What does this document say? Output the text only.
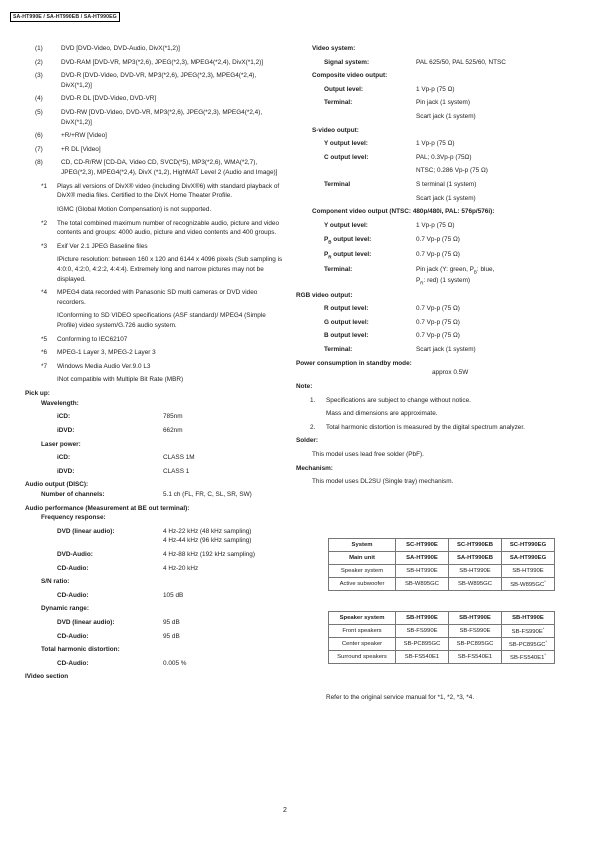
SA-HT990E / SA-HT990EB / SA-HT990EG
(1)	DVD [DVD-Video, DVD-Audio, DivX(*1,2)]
(2)	DVD-RAM [DVD-VR, MP3(*2,6), JPEG(*2,3), MPEG4(*2,4), DivX(*1,2)]
(3)	DVD-R [DVD-Video, DVD-VR, MP3(*2,6), JPEG(*2,3), MPEG4(*2,4), DivX(*1,2)]
(4)	DVD-R DL [DVD-Video, DVD-VR]
(5)	DVD-RW [DVD-Video, DVD-VR, MP3(*2,6), JPEG(*2,3), MPEG4(*2,4), DivX(*1,2)]
(6)	+R/+RW [Video]
(7)	+R DL [Video]
(8)	CD, CD-R/RW [CD-DA, Video CD, SVCD(*5), MP3(*2,6), WMA(*2,7), JPEG(*2,3), MPEG4(*2,4), DivX (*1,2), HighMAT Level 2 (Audio and Image)]
*1 Plays all versions of DivX® video (including DivX®6) with standard playback of DivX® media files. Certified to the DivX Home Theater Profile.
IGMC (Global Motion Compensation) is not supported.
*2 The total combined maximum number of recognizable audio, picture and video contents and groups: 4000 audio, picture and video contents and 400 groups.
*3 Exif Ver 2.1 JPEG Baseline files
IPicture resolution: between 160 x 120 and 6144 x 4096 pixels (Sub sampling is 4:0:0, 4:2:0, 4:2:2, 4:4:4). Extremely long and narrow pictures may not be displayed.
*4 MPEG4 data recorded with Panasonic SD multi cameras or DVD video recorders.
IConforming to SD VIDEO specifications (ASF standard)/ MPEG4 (Simple Profile) video system/G.726 audio system.
*5 Conforming to IEC62107
*6 MPEG-1 Layer 3, MPEG-2 Layer 3
*7 Windows Media Audio Ver.9.0 L3
INot compatible with Multiple Bit Rate (MBR)
Pick up:
Wavelength:
iCD:	785nm
iDVD:	662nm
Laser power:
iCD:	CLASS 1M
iDVD:	CLASS 1
Audio output (DISC):
Number of channels:	5.1 ch (FL, FR, C, SL, SR, SW)
Audio performance (Measurement at BE out terminal):
Frequency response:
DVD (linear audio):	4 Hz-22 kHz (48 kHz sampling)
4 Hz-44 kHz (96 kHz sampling)
DVD-Audio:	4 Hz-88 kHz (192 kHz sampling)
CD-Audio:	4 Hz-20 kHz
S/N ratio:
CD-Audio:	105 dB
Dynamic range:
DVD (linear audio):	95 dB
CD-Audio:	95 dB
Total harmonic distortion:
CD-Audio:	0.005 %
IVideo section
Video system:
Signal system:	PAL 625/50, PAL 525/60, NTSC
Composite video output:
Output level:	1 Vp-p (75 Ω)
Terminal:	Pin jack (1 system)
Scart jack (1 system)
S-video output:
Y output level:	1 Vp-p (75 Ω)
C output level:	PAL; 0.3Vp-p (75Ω)
NTSC; 0.286 Vp-p (75 Ω)
Terminal	S terminal (1 system)
Scart jack (1 system)
Component video output (NTSC: 480p/480i, PAL: 576p/576i):
Y output level:	1 Vp-p (75 Ω)
$P_B$ output level:	0.7 Vp-p (75 Ω)
$P_R$ output level:	0.7 Vp-p (75 Ω)
Terminal:	Pin jack (Y: green, $P_B$: blue,
$P_R$: red) (1 system)
RGB video output:
R output level:	0.7 Vp-p (75 Ω)
G output level:	0.7 Vp-p (75 Ω)
B output level:	0.7 Vp-p (75 Ω)
Terminal:	Scart jack (1 system)
Power consumption in standby mode:
approx 0.5W
Note:
1. Specifications are subject to change without notice.
Mass and dimensions are approximate.
2. Total harmonic distortion is measured by the digital spectrum analyzer.
Solder:
This model uses lead free solder (PbF).
Mechanism:
This model uses DL2SU (Single tray) mechanism.
System	SC-HT990E	SC-HT990EB	SC-HT990EG
Main unit	SA-HT990E	SA-HT990EB	SA-HT990EG
Speaker system	SB-HT990E	SB-HT990E	SB-HT990E
Active subwoofer	SB-W895GC	SB-W895GC	SB-W895GC*
Speaker system	SB-HT990E	SB-HT990E	SB-HT990E
Front speakers	SB-FS990E	SB-FS990E	SB-FS990E*
Center speaker	SB-PC895GC	SB-PC895GC	SB-PC895GC*
Surround speakers	SB-FS540E1	SB-FS540E1	SB-FS540E1*
Refer to the original service manual for *1, *2, *3, *4.
2
